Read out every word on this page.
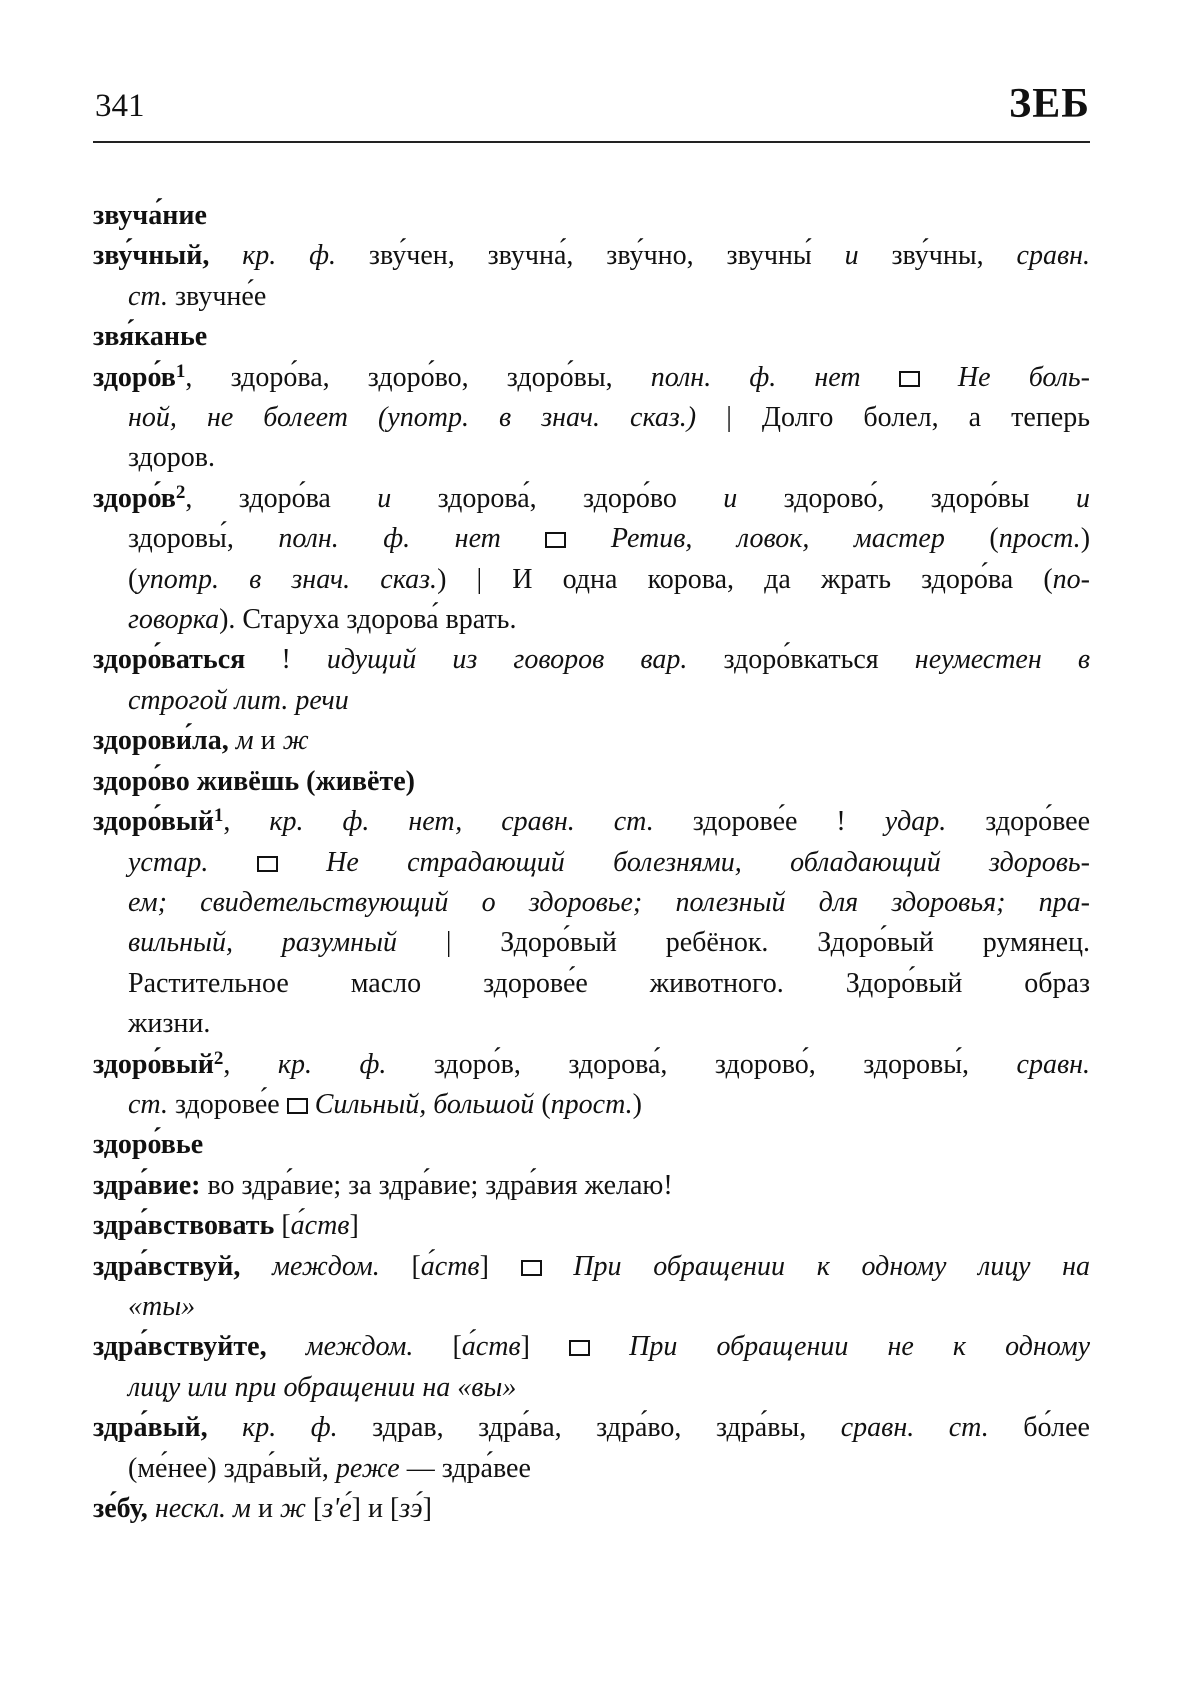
341	ЗЕБ
звуча́ние
зву́чный, кр. ф. зву́чен, звучна́, зву́чно, звучны́ и зву́чны, сравн.
ст. звучне́е
звя́канье
$здоро́в^1$, здоро́ва, здоро́во, здоро́вы, полн. ф. нет  Не боль-
ной, не болеет (употр. в знач. сказ.) | Долго болел, а теперь
здоров.
$здоро́в^2$, здоро́ва и здорова́, здоро́во и здорово́, здоро́вы и
здоровы́, полн. ф. нет  Ретив, ловок, мастер (прост.)
(употр. в знач. сказ.) | И одна корова, да жрать здоро́ва (по-
говорка). Старуха здорова́ врать.
здоро́ваться ! идущий из говоров вар. здоро́вкаться неуместен в
строгой лит. речи
здорови́ла, м и ж
здоро́во живёшь (живёте)
здоро́вый$^1$, кр. ф. нет, сравн. ст. здорове́е ! удар. здоро́вее
устар.  Не страдающий болезнями, обладающий здоровь-
ем; свидетельствующий о здоровье; полезный для здоровья; пра-
вильный, разумный | Здоро́вый ребёнок. Здоро́вый румянец.
Растительное масло здорове́е животного. Здоро́вый образ
жизни.
здоро́вый$^2$, кр. ф. здоро́в, здорова́, здорово́, здоровы́, сравн.
ст. здорове́е  Сильный, большой (прост.)
здоро́вье
здра́вие: во здра́вие; за здра́вие; здра́вия желаю!
здра́вствовать [а́ств]
здра́вствуй, междом. [а́ств]  При обращении к одному лицу на
«ты»
здра́вствуйте, междом. [а́ств]  При обращении не к одному
лицу или при обращении на «вы»
здра́вый, кр. ф. здрав, здра́ва, здра́во, здра́вы, сравн. ст. бо́лее
(ме́нее) здра́вый, реже — здра́вее
зе́бу, нескл. м и ж [з'е́] и [зэ́]
